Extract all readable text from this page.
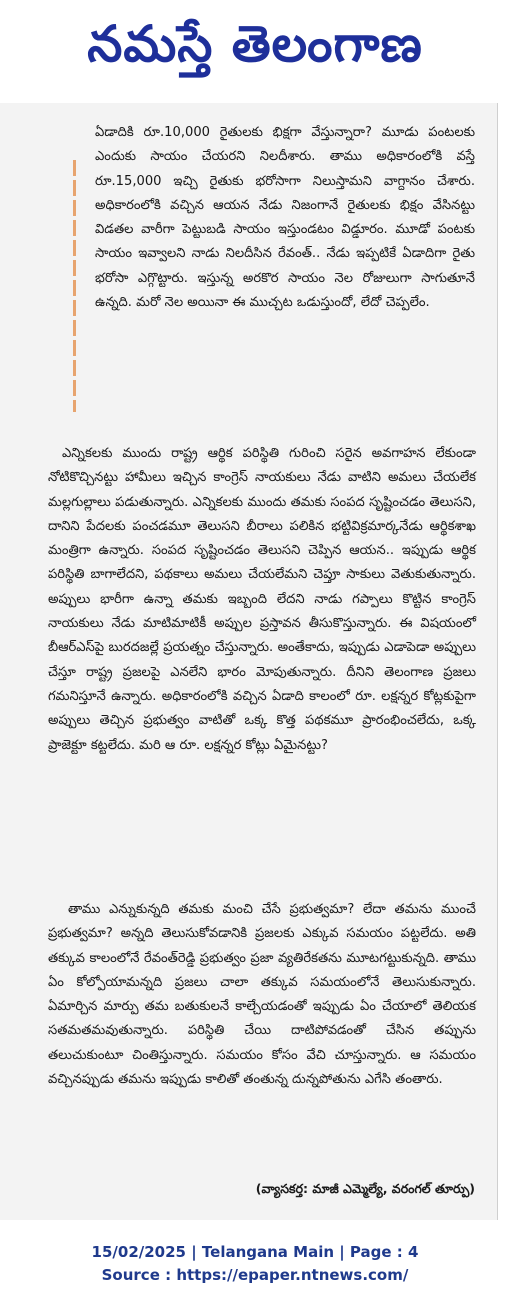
నమస్తే తెలంగాణ

ఏడాదికి రూ.10,000 రైతులకు భిక్షగా వేస్తున్నారా? మూడు పంటలకు ఎందుకు సాయం చేయరని నిలదీశారు. తాము అధికారంలోకి వస్తే రూ.15,000 ఇచ్చి రైతుకు భరోసాగా నిలుస్తామని వాగ్దానం చేశారు. అధికారంలోకి వచ్చిన ఆయన నేడు నిజంగానే రైతులకు భిక్షం వేసినట్టు విడతల వారీగా పెట్టుబడి సాయం ఇస్తుండటం విడ్డూరం. మూడో పంటకు సాయం ఇవ్వాలని నాడు నిలదీసిన రేవంత్.. నేడు ఇప్పటికే ఏడాదిగా రైతు భరోసా ఎగ్గొట్టారు. ఇస్తున్న అరకొర సాయం నెల రోజులుగా సాగుతూనే ఉన్నది. మరో నెల అయినా ఈ ముచ్చట ఒడుస్తుందో, లేదో చెప్పలేం.

ఎన్నికలకు ముందు రాష్ట్ర ఆర్థిక పరిస్థితి గురించి సరైన అవగాహన లేకుండా నోటికొచ్చినట్టు హామీలు ఇచ్చిన కాంగ్రెస్ నాయకులు నేడు వాటిని అమలు చేయలేక మల్లగుల్లాలు పడుతున్నారు. ఎన్నికలకు ముందు తమకు సంపద సృష్టించడం తెలుసని, దానిని పేదలకు పంచడమూ తెలుసని బీరాలు పలికిన భట్టివిక్రమార్కనేడు ఆర్థికశాఖ మంత్రిగా ఉన్నారు. సంపద సృష్టించడం తెలుసని చెప్పిన ఆయన.. ఇప్పుడు ఆర్థిక పరిస్థితి బాగాలేదని, పథకాలు అమలు చేయలేమని చెప్తూ సాకులు వెతుకుతున్నారు. అప్పులు భారీగా ఉన్నా తమకు ఇబ్బంది లేదని నాడు గప్పాలు కొట్టిన కాంగ్రెస్ నాయకులు నేడు మాటిమాటికీ అప్పుల ప్రస్తావన తీసుకొస్తున్నారు. ఈ విషయంలో బీఆర్ఎస్‌పై బురదజల్లే ప్రయత్నం చేస్తున్నారు. అంతేకాదు, ఇప్పుడు ఎడాపెడా అప్పులు చేస్తూ రాష్ట్ర ప్రజలపై ఎనలేని భారం మోపుతున్నారు. దీనిని తెలంగాణ ప్రజలు గమనిస్తూనే ఉన్నారు. అధికారంలోకి వచ్చిన ఏడాది కాలంలో రూ. లక్షన్నర కోట్లకుపైగా అప్పులు తెచ్చిన ప్రభుత్వం వాటితో ఒక్క కొత్త పథకమూ ప్రారంభించలేదు, ఒక్క ప్రాజెక్టూ కట్టలేదు. మరి ఆ రూ. లక్షన్నర కోట్లు ఏమైనట్టు?

తాము ఎన్నుకున్నది తమకు మంచి చేసే ప్రభుత్వమా? లేదా తమను ముంచే ప్రభుత్వమా? అన్నది తెలుసుకోవడానికి ప్రజలకు ఎక్కువ సమయం పట్టలేదు. అతి తక్కువ కాలంలోనే రేవంత్‌రెడ్డి ప్రభుత్వం ప్రజా వ్యతిరేకతను మూటగట్టుకున్నది. తాము ఏం కోల్పోయామన్నది ప్రజలు చాలా తక్కువ సమయంలోనే తెలుసుకున్నారు. ఏమార్చిన మార్పు తమ బతుకులనే కాల్చేయడంతో ఇప్పుడు ఏం చేయాలో తెలియక సతమతమవుతున్నారు. పరిస్థితి చేయి దాటిపోవడంతో చేసిన తప్పును తలుచుకుంటూ చింతిస్తున్నారు. సమయం కోసం వేచి చూస్తున్నారు. ఆ సమయం వచ్చినప్పుడు తమను ఇప్పుడు కాలితో తంతున్న దున్నపోతును ఎగేసి తంతారు.

(వ్యాసకర్త: మాజీ ఎమ్మెల్యే, వరంగల్ తూర్పు)
15/02/2025 | Telangana Main | Page : 4
Source : https://epaper.ntnews.com/
